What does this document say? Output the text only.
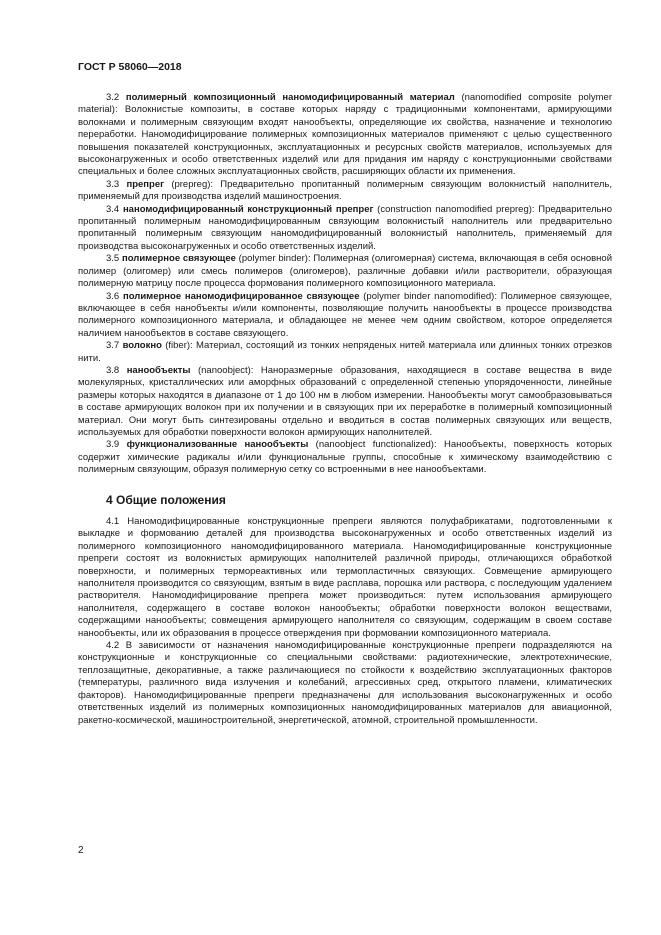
ГОСТ Р 58060—2018

3.2 полимерный композиционный наномодифицированный материал (nanomodified composite polymer material): Волокнистые композиты, в составе которых наряду с традиционными компонентами, армирующими волокнами и полимерным связующим входят нанообъекты, определяющие их свойства, назначение и технологию переработки. Наномодифицирование полимерных композиционных материалов применяют с целью существенного повышения показателей конструкционных, эксплуатационных и ресурсных свойств материалов, используемых для высоконагруженных и особо ответственных изделий или для придания им наряду с конструкционными свойствами специальных и более сложных эксплуатационных свойств, расширяющих области их применения.

3.3 препрег (prepreg): Предварительно пропитанный полимерным связующим волокнистый наполнитель, применяемый для производства изделий машиностроения.

3.4 наномодифицированный конструкционный препрег (construction nanomodified prepreg): Предварительно пропитанный полимерным наномодифицированным связующим волокнистый наполнитель или предварительно пропитанный полимерным связующим наномодифицированный волокнистый наполнитель, применяемый для производства высоконагруженных и особо ответственных изделий.

3.5 полимерное связующее (polymer binder): Полимерная (олигомерная) система, включающая в себя основной полимер (олигомер) или смесь полимеров (олигомеров), различные добавки и/или растворители, образующая полимерную матрицу после процесса формования полимерного композиционного материала.

3.6 полимерное наномодифицированное связующее (polymer binder nanomodified): Полимерное связующее, включающее в себя нанобъекты и/или компоненты, позволяющие получить нанообъекты в процессе производства полимерного композиционного материала, и обладающее не менее чем одним свойством, которое определяется наличием нанообъектов в составе связующего.

3.7 волокно (fiber): Материал, состоящий из тонких непряденых нитей материала или длинных тонких отрезков нити.

3.8 нанообъекты (nanoobject): Наноразмерные образования, находящиеся в составе вещества в виде молекулярных, кристаллических или аморфных образований с определенной степенью упорядоченности, линейные размеры которых находятся в диапазоне от 1 до 100 нм в любом измерении. Нанообъекты могут самообразовываться в составе армирующих волокон при их получении и в связующих при их переработке в полимерный композиционный материал. Они могут быть синтезированы отдельно и вводиться в состав полимерных связующих или веществ, используемых для обработки поверхности волокон армирующих наполнителей.

3.9 функционализованные нанообъекты (nanoobject functionalized): Нанообъекты, поверхность которых содержит химические радикалы и/или функциональные группы, способные к химическому взаимодействию с полимерным связующим, образуя полимерную сетку со встроенными в нее нанообъектами.

4 Общие положения

4.1 Наномодифицированные конструкционные препреги являются полуфабрикатами, подготовленными к выкладке и формованию деталей для производства высоконагруженных и особо ответственных изделий из полимерного композиционного наномодифицированного материала. Наномодифицированные конструкционные препреги состоят из волокнистых армирующих наполнителей различной природы, отличающихся обработкой поверхности, и полимерных термореактивных или термопластичных связующих. Совмещение армирующего наполнителя производится со связующим, взятым в виде расплава, порошка или раствора, с последующим удалением растворителя. Наномодифицирование препрега может производиться: путем использования армирующего наполнителя, содержащего в составе волокон нанообъекты; обработки поверхности волокон веществами, содержащими нанообъекты; совмещения армирующего наполнителя со связующим, содержащим в своем составе нанообъекты, или их образования в процессе отверждения при формовании композиционного материала.

4.2 В зависимости от назначения наномодифицированные конструкционные препреги подразделяются на конструкционные и конструкционные со специальными свойствами: радиотехнические, электротехнические, теплозащитные, декоративные, а также различающиеся по стойкости к воздействию эксплуатационных факторов (температуры, различного вида излучения и колебаний, агрессивных сред, открытого пламени, климатических факторов). Наномодифицированные препреги предназначены для использования высоконагруженных и особо ответственных изделий из полимерных композиционных наномодифицированных материалов для авиационной, ракетно-космической, машиностроительной, энергетической, атомной, строительной промышленности.

2
